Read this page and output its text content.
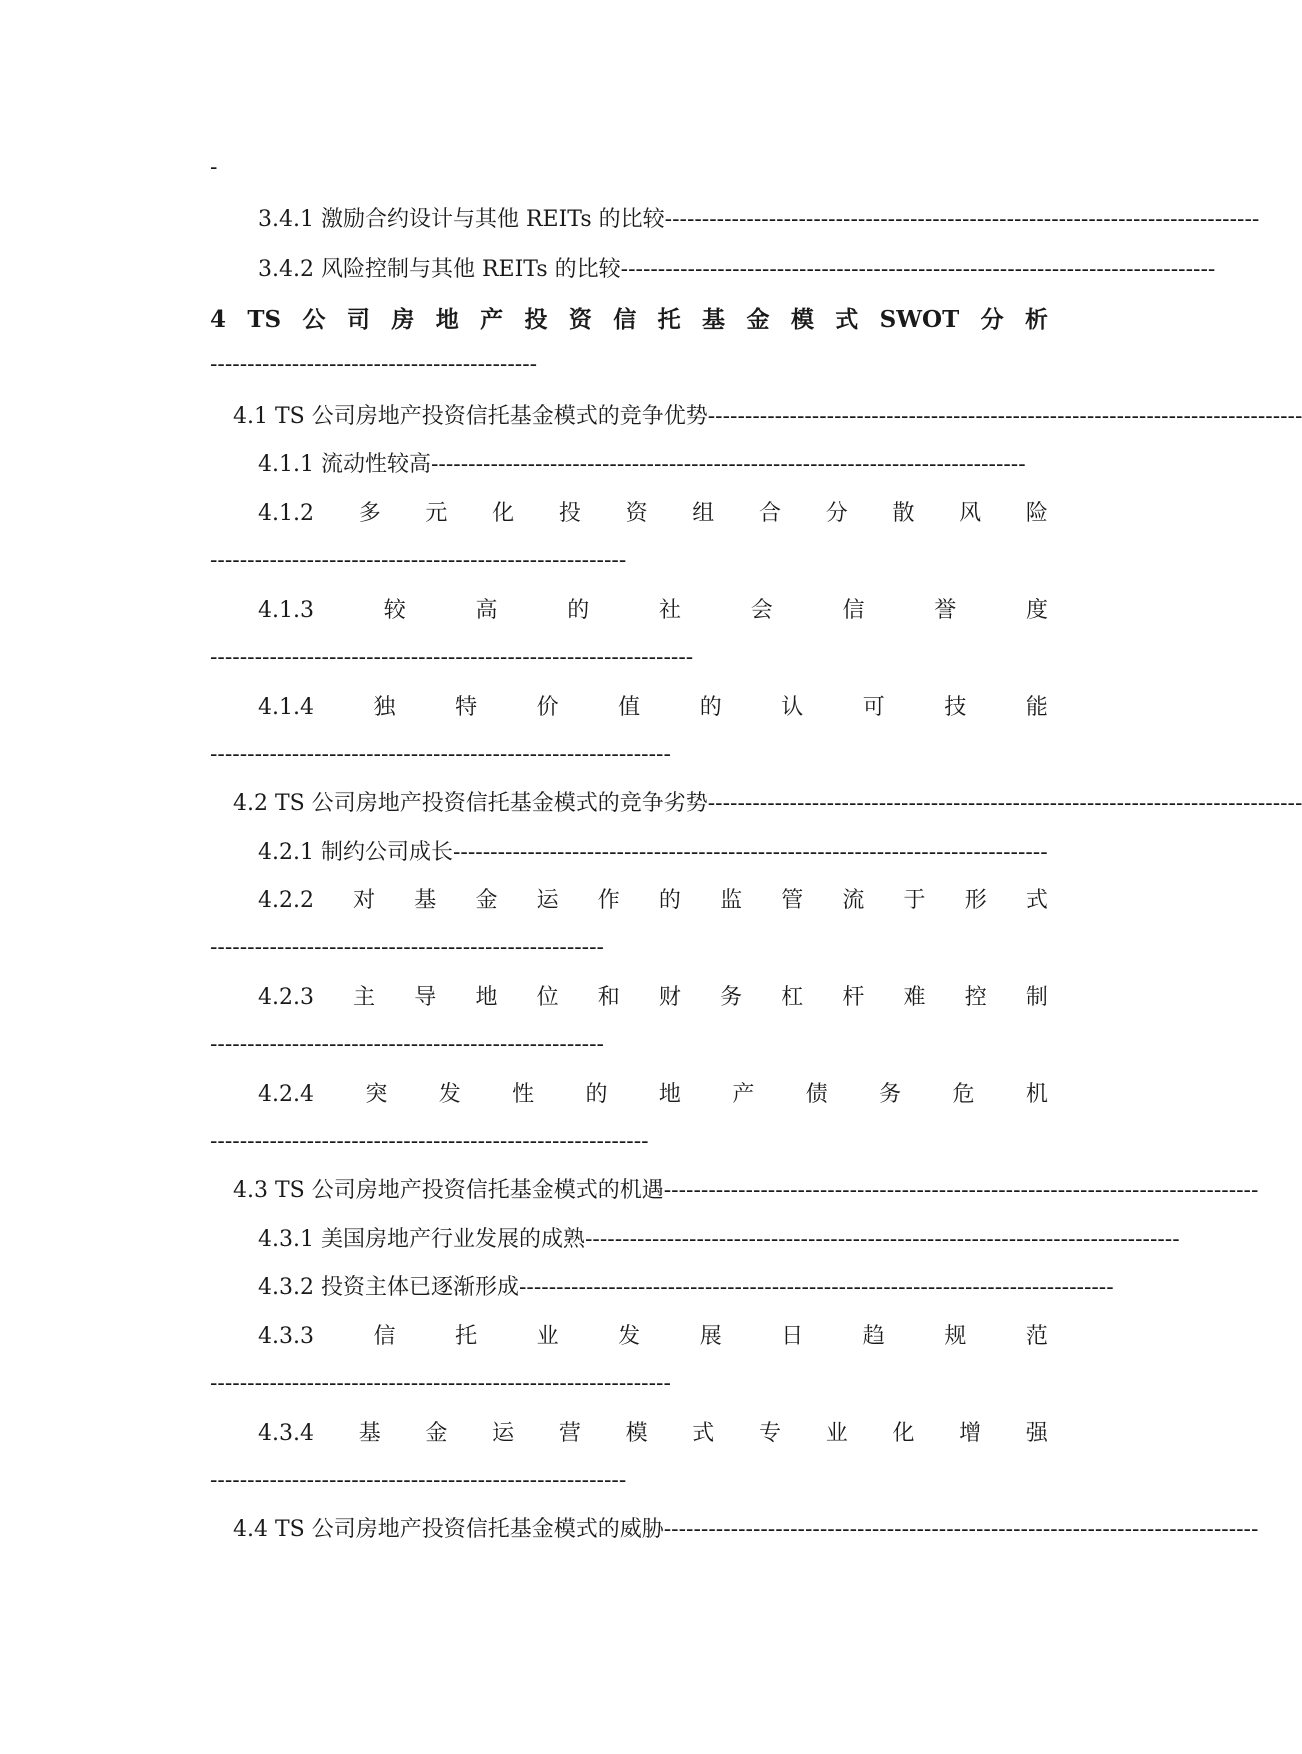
-
3.4.1 激励合约设计与其他 REITs 的比较 --------------------------------------------------------------------------------
3.4.2 风险控制与其他 REITs 的比较 --------------------------------------------------------------------------------
4 TS 公 司 房 地 产 投 资 信 托 基 金 模 式 SWOT 分 析
--------------------------------------------
4.1 TS 公司房地产投资信托基金模式的竞争优势 --------------------------------------------------------------------------------
4.1.1 流动性较高 --------------------------------------------------------------------------------
4.1.2 多 元 化 投 资 组 合 分 散 风 险
--------------------------------------------------------
4.1.3	较	高	的	社	会	信	誉	度
-----------------------------------------------------------------
4.1.4	独	特	价	值	的	认	可	技	能
--------------------------------------------------------------
4.2 TS 公司房地产投资信托基金模式的竞争劣势 --------------------------------------------------------------------------------
4.2.1 制约公司成长 --------------------------------------------------------------------------------
4.2.2 对 基 金 运 作 的 监 管 流 于 形 式
-----------------------------------------------------
4.2.3 主 导 地 位 和 财 务 杠 杆 难 控 制
-----------------------------------------------------
4.2.4 突 发 性 的 地 产 债 务 危 机
-----------------------------------------------------------
4.3 TS 公司房地产投资信托基金模式的机遇 --------------------------------------------------------------------------------
4.3.1 美国房地产行业发展的成熟 --------------------------------------------------------------------------------
4.3.2 投资主体已逐渐形成 --------------------------------------------------------------------------------
4.3.3	信	托	业	发	展	日	趋	规	范
--------------------------------------------------------------
4.3.4 基 金 运 营 模 式 专 业 化 增 强
--------------------------------------------------------
4.4 TS 公司房地产投资信托基金模式的威胁 --------------------------------------------------------------------------------
